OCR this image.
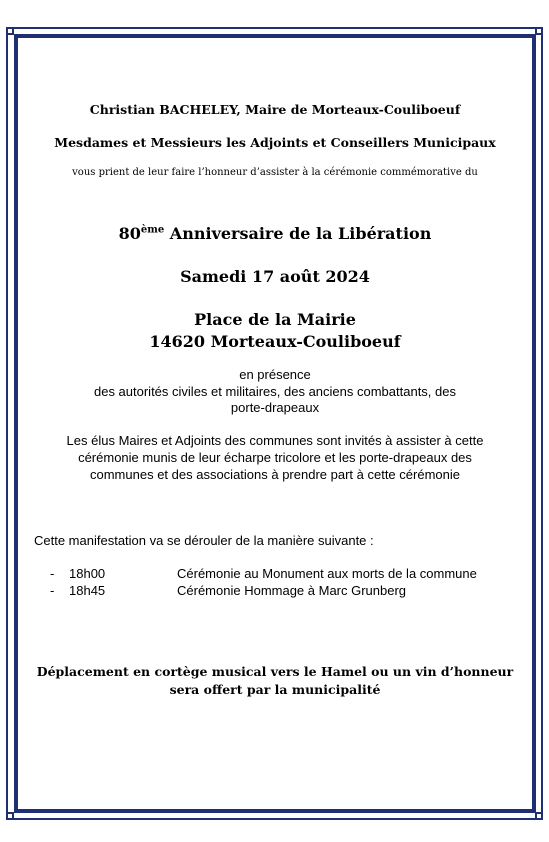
Christian BACHELEY, Maire de Morteaux-Couliboeuf
Mesdames et Messieurs les Adjoints et Conseillers Municipaux
vous prient de leur faire l’honneur d’assister à la cérémonie commémorative du
80ème Anniversaire de la Libération
Samedi 17 août 2024
Place de la Mairie
14620 Morteaux-Couliboeuf
en présence
des autorités civiles et militaires, des anciens combattants, des
porte-drapeaux
Les élus Maires et Adjoints des communes sont invités à assister à cette
cérémonie munis de leur écharpe tricolore et les porte-drapeaux des
communes et des associations à prendre part à cette cérémonie
Cette manifestation va se dérouler de la manière suivante :
- 18h00	Cérémonie au Monument aux morts de la commune
- 18h45	Cérémonie Hommage à Marc Grunberg
Déplacement en cortège musical vers le Hamel ou un vin d’honneur
sera offert par la municipalité
